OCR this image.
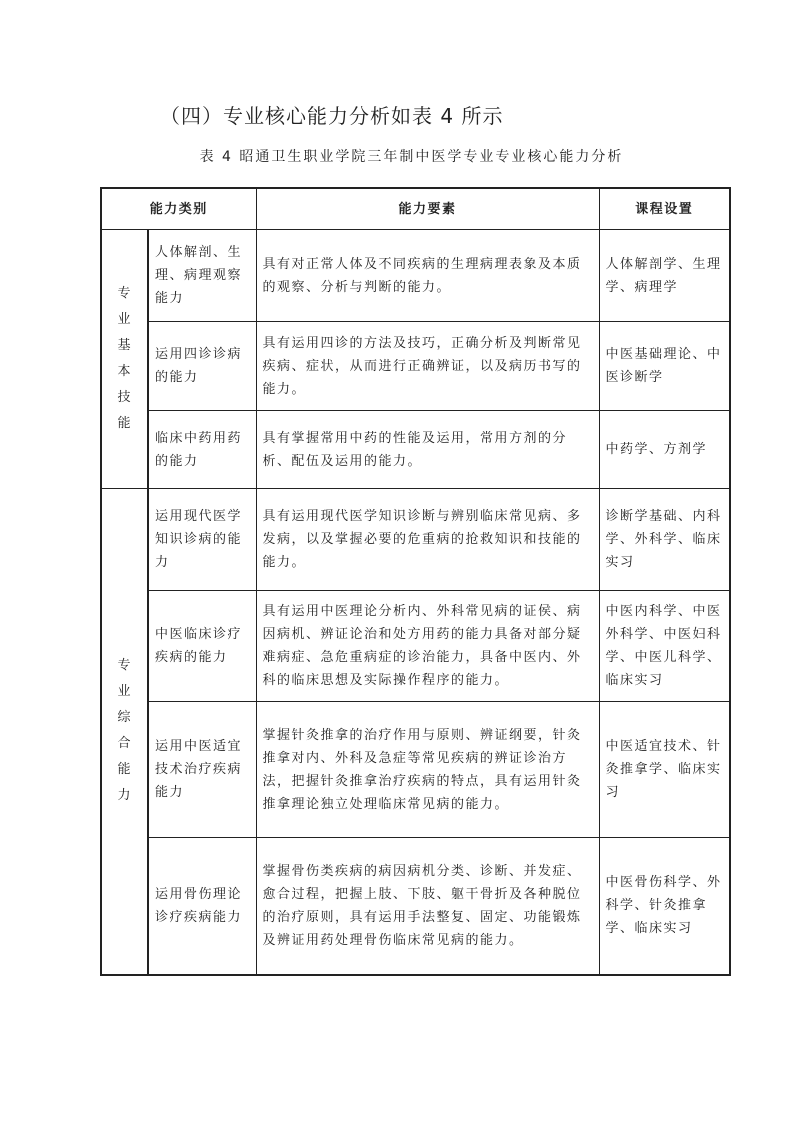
（四）专业核心能力分析如表 4 所示
表 4 昭通卫生职业学院三年制中医学专业专业核心能力分析
能力类别		能力要素	课程设置
专业基本技能	人体解剖、生理、病理观察能力	具有对正常人体及不同疾病的生理病理表象及本质的观察、分析与判断的能力。	人体解剖学、生理学、病理学
	运用四诊诊病的能力	具有运用四诊的方法及技巧，正确分析及判断常见疾病、症状，从而进行正确辨证，以及病历书写的能力。	中医基础理论、中医诊断学
	临床中药用药的能力	具有掌握常用中药的性能及运用，常用方剂的分析、配伍及运用的能力。	中药学、方剂学
专业综合能力	运用现代医学知识诊病的能力	具有运用现代医学知识诊断与辨别临床常见病、多发病，以及掌握必要的危重病的抢救知识和技能的能力。	诊断学基础、内科学、外科学、临床实习
	中医临床诊疗疾病的能力	具有运用中医理论分析内、外科常见病的证侯、病因病机、辨证论治和处方用药的能力具备对部分疑难病症、急危重病症的诊治能力，具备中医内、外科的临床思想及实际操作程序的能力。	中医内科学、中医外科学、中医妇科学、中医儿科学、临床实习
	运用中医适宜技术治疗疾病能力	掌握针灸推拿的治疗作用与原则、辨证纲要，针灸推拿对内、外科及急症等常见疾病的辨证诊治方法，把握针灸推拿治疗疾病的特点，具有运用针灸推拿理论独立处理临床常见病的能力。	中医适宜技术、针灸推拿学、临床实习
	运用骨伤理论诊疗疾病能力	掌握骨伤类疾病的病因病机分类、诊断、并发症、愈合过程，把握上肢、下肢、躯干骨折及各种脱位的治疗原则，具有运用手法整复、固定、功能锻炼及辨证用药处理骨伤临床常见病的能力。	中医骨伤科学、外科学、针灸推拿学、临床实习
